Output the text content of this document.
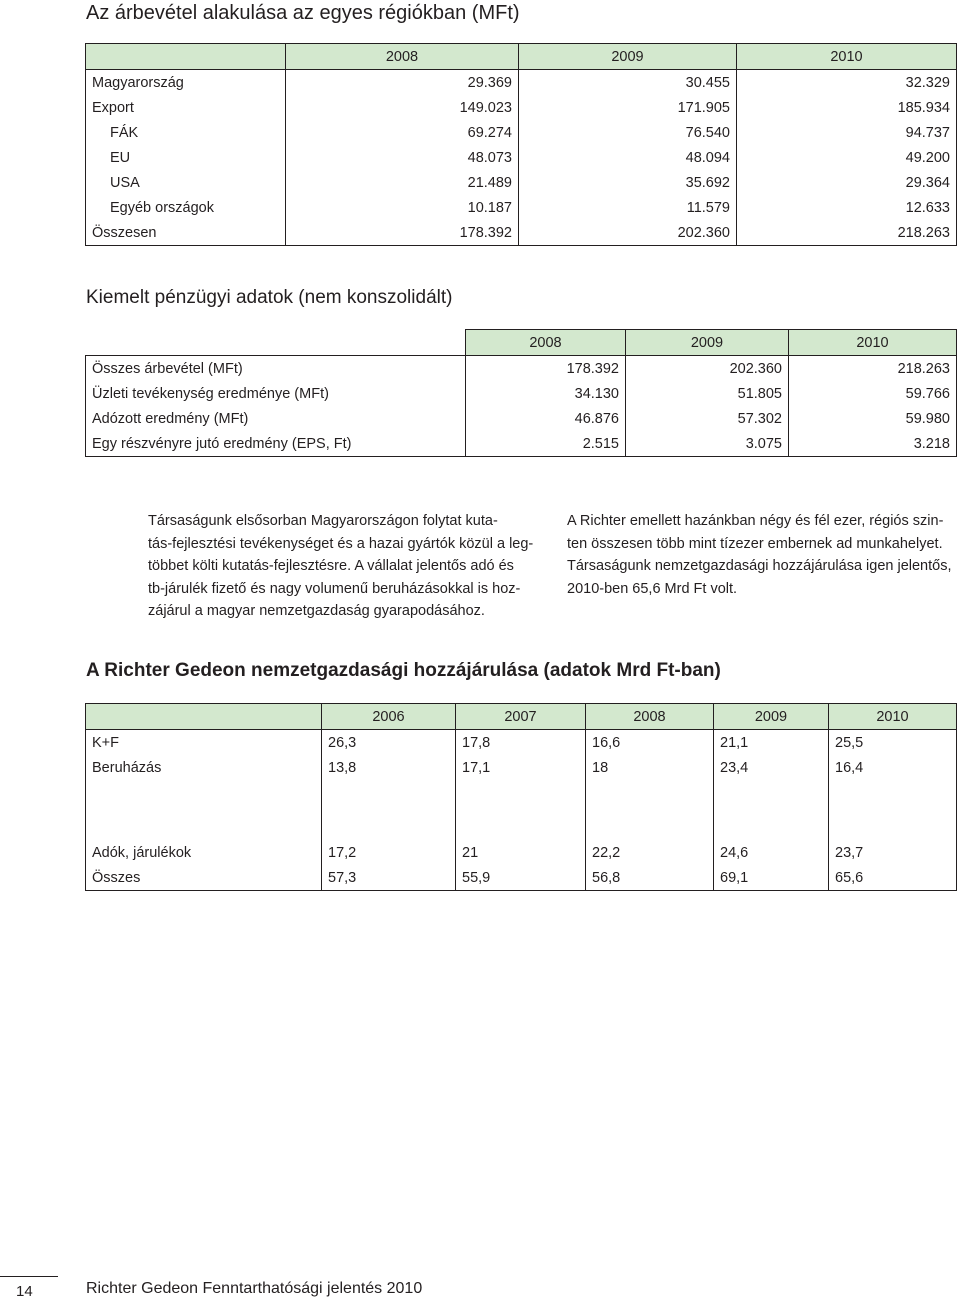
Az árbevétel alakulása az egyes régiókban (MFt)
	2008	2009	2010
Magyarország	29.369	30.455	32.329
Export	149.023	171.905	185.934
FÁK	69.274	76.540	94.737
EU	48.073	48.094	49.200
USA	21.489	35.692	29.364
Egyéb országok	10.187	11.579	12.633
Összesen	178.392	202.360	218.263
Kiemelt pénzügyi adatok (nem konszolidált)
	2008	2009	2010
Összes árbevétel (MFt)	178.392	202.360	218.263
Üzleti tevékenység eredménye (MFt)	34.130	51.805	59.766
Adózott eredmény (MFt)	46.876	57.302	59.980
Egy részvényre jutó eredmény (EPS, Ft)	2.515	3.075	3.218
Társaságunk elsősorban Magyarországon folytat kuta-
tás-fejlesztési tevékenységet és a hazai gyártók közül a leg-
többet költi kutatás-fejlesztésre. A vállalat jelentős adó és
tb-járulék fizető és nagy volumenű beruházásokkal is hoz-
zájárul a magyar nemzetgazdaság gyarapodásához.
A Richter emellett hazánkban négy és fél ezer, régiós szin-
ten összesen több mint tízezer embernek ad munkahelyet.
Társaságunk nemzetgazdasági hozzájárulása igen jelentős,
2010-ben 65,6 Mrd Ft volt.
A Richter Gedeon nemzetgazdasági hozzájárulása (adatok Mrd Ft-ban)
	2006	2007	2008	2009	2010
K+F	26,3	17,8	16,6	21,1	25,5
Beruházás	13,8	17,1	18	23,4	16,4

Adók, járulékok	17,2	21	22,2	24,6	23,7
Összes	57,3	55,9	56,8	69,1	65,6
14	Richter Gedeon Fenntarthatósági jelentés 2010
